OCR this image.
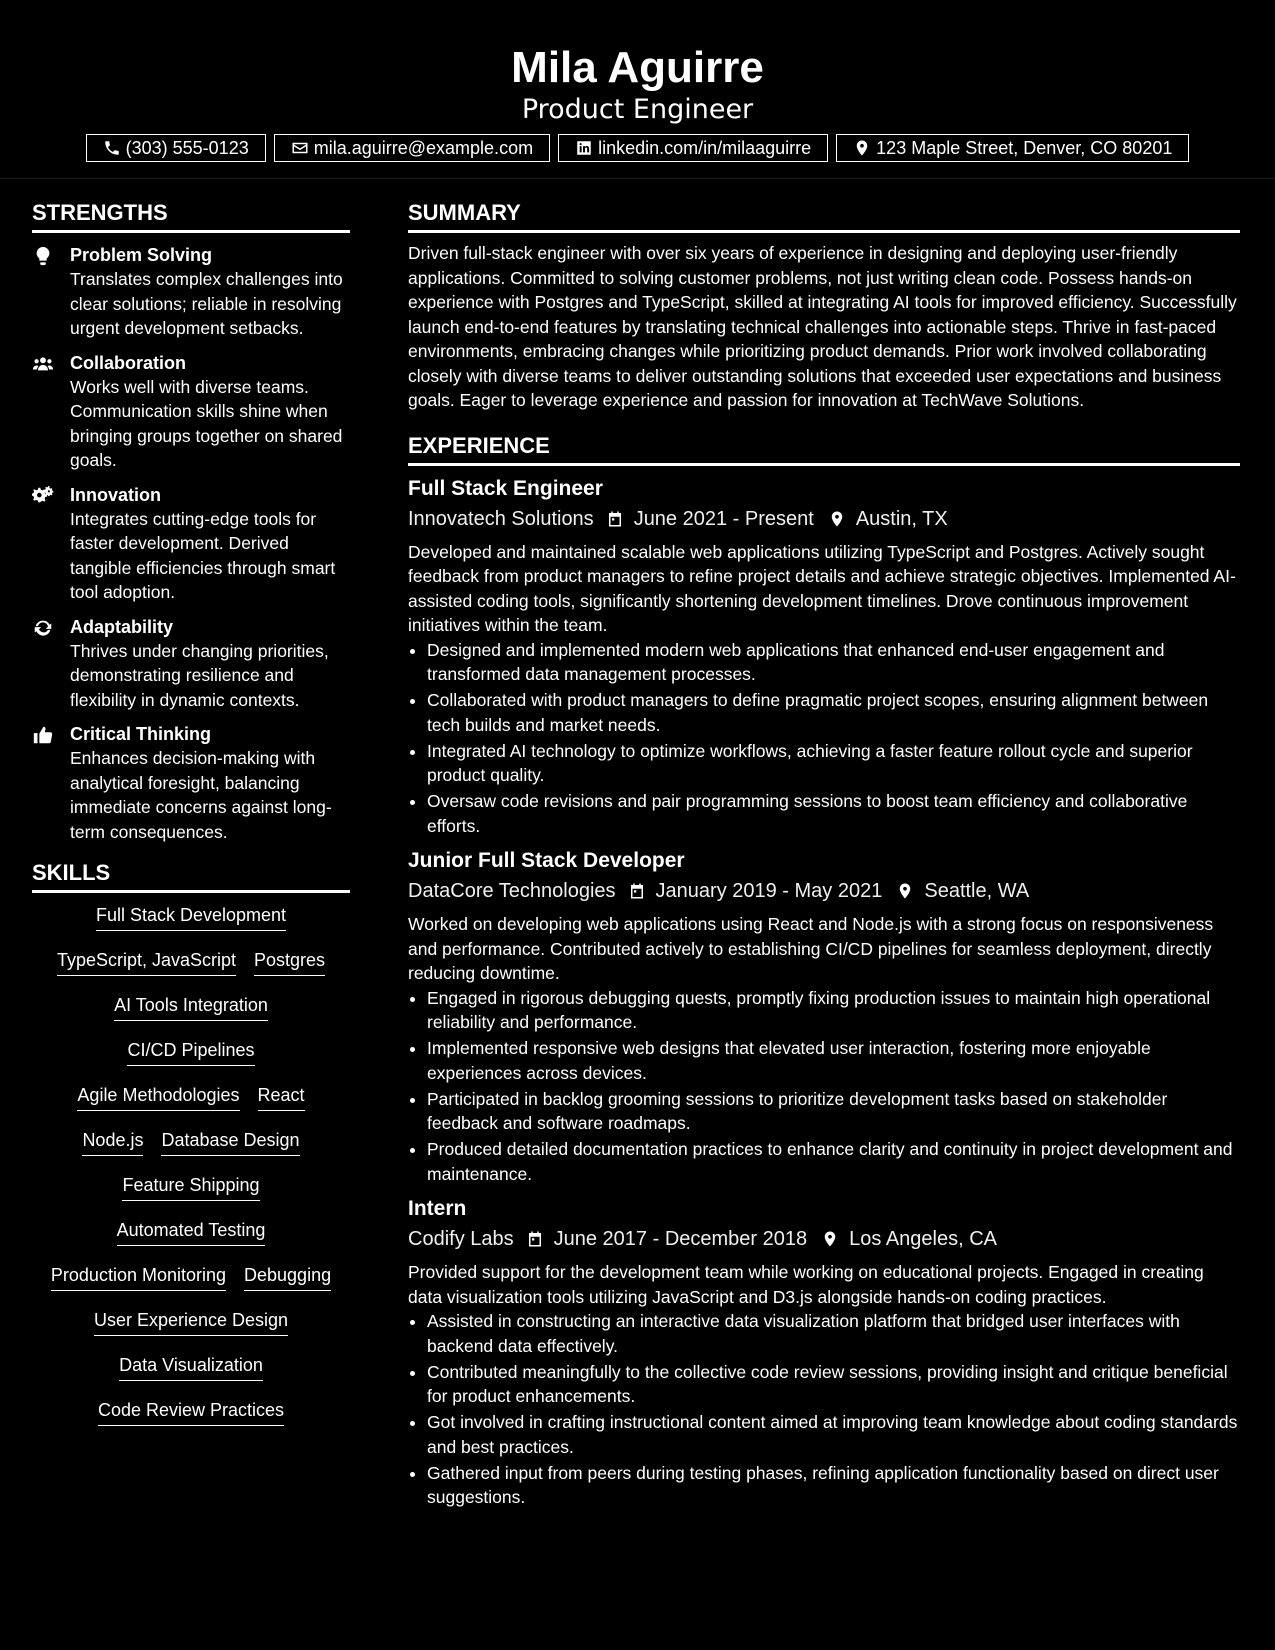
Mila Aguirre
Product Engineer
(303) 555-0123	mila.aguirre@example.com	linkedin.com/in/milaaguirre	123 Maple Street, Denver, CO 80201
STRENGTHS
Problem Solving
Translates complex challenges into clear solutions; reliable in resolving urgent development setbacks.
Collaboration
Works well with diverse teams. Communication skills shine when bringing groups together on shared goals.
Innovation
Integrates cutting-edge tools for faster development. Derived tangible efficiencies through smart tool adoption.
Adaptability
Thrives under changing priorities, demonstrating resilience and flexibility in dynamic contexts.
Critical Thinking
Enhances decision-making with analytical foresight, balancing immediate concerns against long-term consequences.
SKILLS
Full Stack Development
TypeScript, JavaScript Postgres
AI Tools Integration
CI/CD Pipelines
Agile Methodologies React
Node.js Database Design
Feature Shipping
Automated Testing
Production Monitoring Debugging
User Experience Design
Data Visualization
Code Review Practices
SUMMARY
Driven full-stack engineer with over six years of experience in designing and deploying user-friendly applications. Committed to solving customer problems, not just writing clean code. Possess hands-on experience with Postgres and TypeScript, skilled at integrating AI tools for improved efficiency. Successfully launch end-to-end features by translating technical challenges into actionable steps. Thrive in fast-paced environments, embracing changes while prioritizing product demands. Prior work involved collaborating closely with diverse teams to deliver outstanding solutions that exceeded user expectations and business goals. Eager to leverage experience and passion for innovation at TechWave Solutions.
EXPERIENCE
Full Stack Engineer
Innovatech Solutions June 2021 - Present Austin, TX
Developed and maintained scalable web applications utilizing TypeScript and Postgres. Actively sought feedback from product managers to refine project details and achieve strategic objectives. Implemented AI-assisted coding tools, significantly shortening development timelines. Drove continuous improvement initiatives within the team.
• Designed and implemented modern web applications that enhanced end-user engagement and transformed data management processes.
• Collaborated with product managers to define pragmatic project scopes, ensuring alignment between tech builds and market needs.
• Integrated AI technology to optimize workflows, achieving a faster feature rollout cycle and superior product quality.
• Oversaw code revisions and pair programming sessions to boost team efficiency and collaborative efforts.
Junior Full Stack Developer
DataCore Technologies January 2019 - May 2021 Seattle, WA
Worked on developing web applications using React and Node.js with a strong focus on responsiveness and performance. Contributed actively to establishing CI/CD pipelines for seamless deployment, directly reducing downtime.
• Engaged in rigorous debugging quests, promptly fixing production issues to maintain high operational reliability and performance.
• Implemented responsive web designs that elevated user interaction, fostering more enjoyable experiences across devices.
• Participated in backlog grooming sessions to prioritize development tasks based on stakeholder feedback and software roadmaps.
• Produced detailed documentation practices to enhance clarity and continuity in project development and maintenance.
Intern
Codify Labs June 2017 - December 2018 Los Angeles, CA
Provided support for the development team while working on educational projects. Engaged in creating data visualization tools utilizing JavaScript and D3.js alongside hands-on coding practices.
• Assisted in constructing an interactive data visualization platform that bridged user interfaces with backend data effectively.
• Contributed meaningfully to the collective code review sessions, providing insight and critique beneficial for product enhancements.
• Got involved in crafting instructional content aimed at improving team knowledge about coding standards and best practices.
• Gathered input from peers during testing phases, refining application functionality based on direct user suggestions.
